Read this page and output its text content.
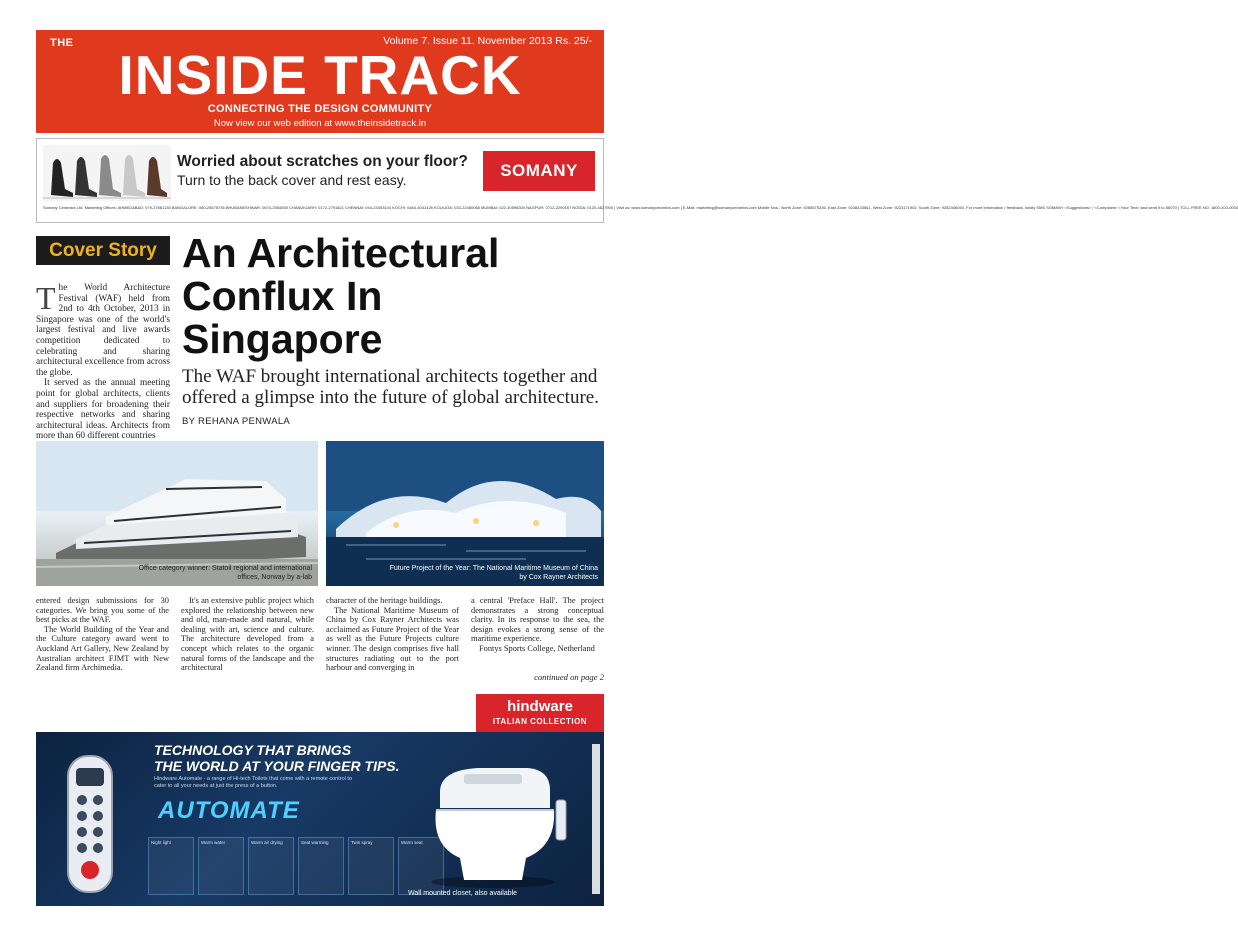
THE	Volume 7. Issue 11. November 2013 Rs. 25/-
INSIDE TRACK
CONNECTING THE DESIGN COMMUNITY
Now view our web edition at www.theinsidetrack.in
Worried about scratches on your floor?
Turn to the back cover and rest easy.	SOMANY
Somany Ceramics Ltd. Marketing Offices: AHMEDABAD: 079-27661135 BANGALORE: 080-25675736 BHUBANESHWAR: 0674-2554550 CHANDIGARH: 0172-2791821 CHENNAI: 044-23453104 KOCHI: 0484-4041426 KOLKATA: 033-22480068 MUMBAI: 022-40598300 NAGPUR: 0712-2290167 NOIDA: 0120-4627900 | Visit us: www.somanyceramics.com | E-Mail: marketing@somanyceramics.com Mobile Nos.: North Zone: 9268575336, East Zone: 9238433561, West Zone: 9223171902, South Zone: 9282346050. For more information / feedback, kindly SMS SOMANY <Suggestions> / <Complaint> <Your Text> and send it to 56070 | TOLL FREE NO. 1800-103-0004
Cover Story An Architectural
Conflux In
Singapore
The WAF brought international architects together and offered a glimpse into the future of global architecture. BY REHANA PENWALA

The World Architecture Festival (WAF) held from 2nd to 4th October, 2013 in Singapore was one of the world's largest festival and live awards competition dedicated to celebrating and sharing architectural excellence from across the globe.

It served as the annual meeting point for global architects, clients and suppliers for broadening their respective networks and sharing architectural ideas. Architects from more than 60 different countries

Office category winner: Statoil regional and international
offices, Norway by a-lab
Future Project of the Year: The National Maritime Museum of China
by Cox Rayner Architects

entered design submissions for 30 categories. We bring you some of the best picks at the WAF.

The World Building of the Year and the Culture category award went to Auckland Art Gallery, New Zealand by Australian architect FJMT with New Zealand firm Archimedia.

It's an extensive public project which explored the relationship between new and old, man-made and natural, while dealing with art, science and culture. The architecture developed from a concept which relates to the organic natural forms of the landscape and the architectural

character of the heritage buildings.

The National Maritime Museum of China by Cox Rayner Architects was acclaimed as Future Project of the Year as well as the Future Projects culture winner. The design comprises five hall structures radiating out to the port harbour and converging in

a central 'Preface Hall'. The project demonstrates a strong conceptual clarity. In its response to the sea, the design evokes a strong sense of the maritime experience.

Fontys Sports College, Netherland

continued on page 2
hindware
ITALIAN COLLECTION
TECHNOLOGY THAT BRINGS
THE WORLD AT YOUR FINGER TIPS.
Hindware Automate - a range of Hi-tech Toilets that come with a remote control to cater to all your needs at just the press of a button.
AUTOMATE
Night light	Warm water	Warm air drying	Seat warming	Twin spray	Warm seat
Wall mounted closet, also available
